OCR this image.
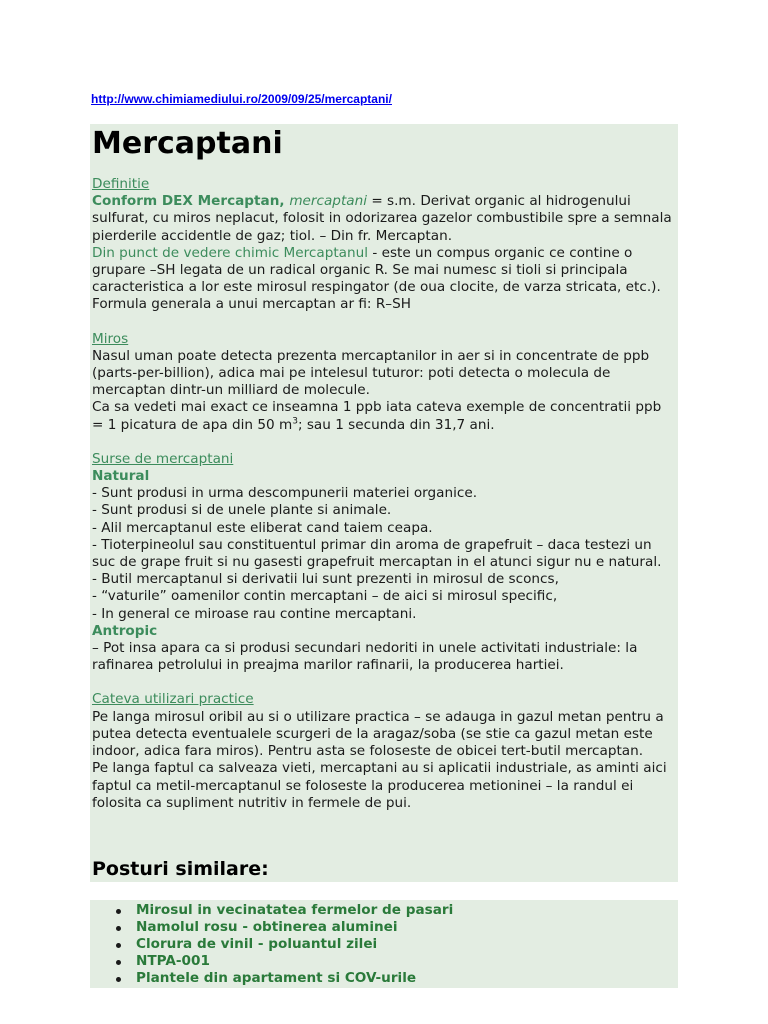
http://www.chimiamediului.ro/2009/09/25/mercaptani/
Mercaptani

Definitie

Conform DEX Mercaptan, mercaptani = s.m. Derivat organic al hidrogenului sulfurat, cu miros neplacut, folosit in odorizarea gazelor combustibile spre a semnala pierderile accidentle de gaz; tiol. – Din fr. Mercaptan.

Din punct de vedere chimic Mercaptanul - este un compus organic ce contine o grupare –SH legata de un radical organic R. Se mai numesc si tioli si principala caracteristica a lor este mirosul respingator (de oua clocite, de varza stricata, etc.). Formula generala a unui mercaptan ar fi: R–SH

Miros

Nasul uman poate detecta prezenta mercaptanilor in aer si in concentrate de ppb (parts-per-billion), adica mai pe intelesul tuturor: poti detecta o molecula de mercaptan dintr-un milliard de molecule.

Ca sa vedeti mai exact ce inseamna 1 ppb iata cateva exemple de concentratii ppb = 1 picatura de apa din 50 $m^3$; sau 1 secunda din 31,7 ani.

Surse de mercaptani

Natural

- Sunt produsi in urma descompunerii materiei organice.

- Sunt produsi si de unele plante si animale.

- Alil mercaptanul este eliberat cand taiem ceapa.

- Tioterpineolul sau constituentul primar din aroma de grapefruit – daca testezi un suc de grape fruit si nu gasesti grapefruit mercaptan in el atunci sigur nu e natural.

- Butil mercaptanul si derivatii lui sunt prezenti in mirosul de sconcs,

- “vaturile” oamenilor contin mercaptani – de aici si mirosul specific,

- In general ce miroase rau contine mercaptani.

Antropic

– Pot insa apara ca si produsi secundari nedoriti in unele activitati industriale: la rafinarea petrolului in preajma marilor rafinarii, la producerea hartiei.

Cateva utilizari practice

Pe langa mirosul oribil au si o utilizare practica – se adauga in gazul metan pentru a putea detecta eventualele scurgeri de la aragaz/soba (se stie ca gazul metan este indoor, adica fara miros). Pentru asta se foloseste de obicei tert-butil mercaptan.

Pe langa faptul ca salveaza vieti, mercaptani au si aplicatii industriale, as aminti aici faptul ca metil-mercaptanul se foloseste la producerea metioninei – la randul ei folosita ca supliment nutritiv in fermele de pui.

Posturi similare:
Mirosul in vecinatatea fermelor de pasari
Namolul rosu - obtinerea aluminei
Clorura de vinil - poluantul zilei
NTPA-001
Plantele din apartament si COV-urile
